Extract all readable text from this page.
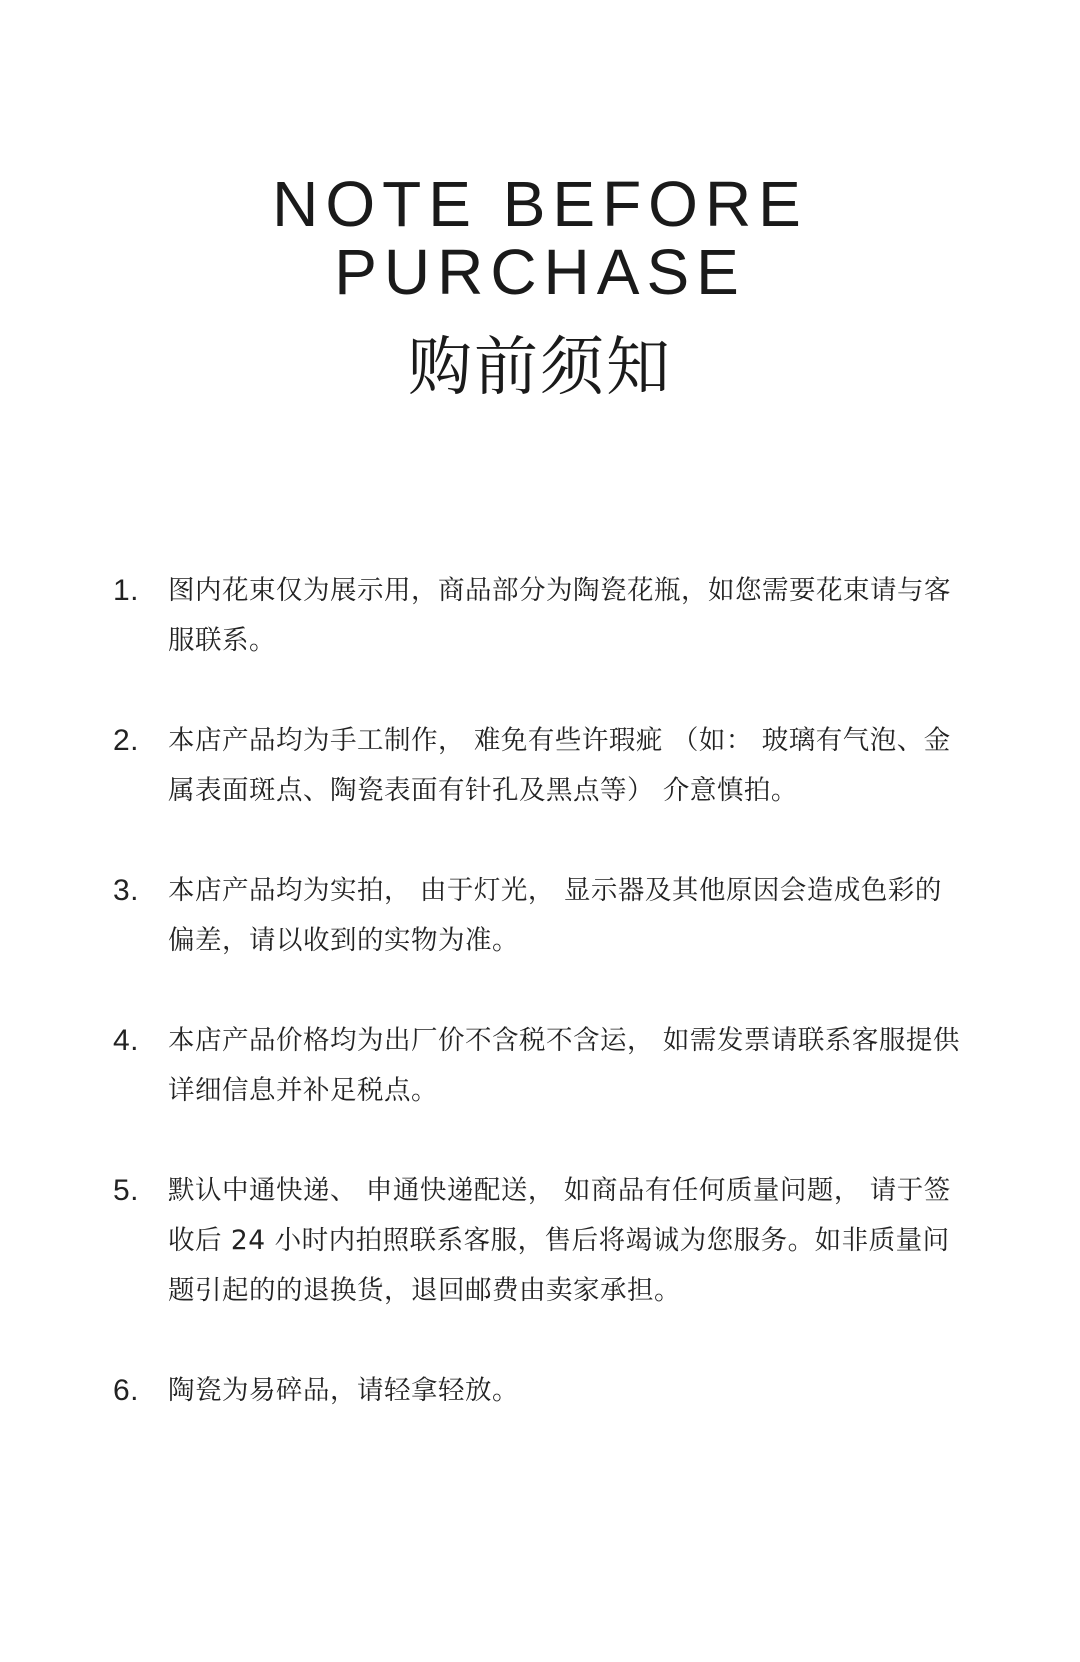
NOTE BEFORE
PURCHASE
购前须知
1. 图内花束仅为展示用，商品部分为陶瓷花瓶，如您需要花束请与客服联系。
2. 本店产品均为手工制作， 难免有些许瑕疵 （如： 玻璃有气泡、金属表面斑点、陶瓷表面有针孔及黑点等） 介意慎拍。
3. 本店产品均为实拍， 由于灯光， 显示器及其他原因会造成色彩的偏差，请以收到的实物为准。
4. 本店产品价格均为出厂价不含税不含运， 如需发票请联系客服提供详细信息并补足税点。
5. 默认中通快递、 申通快递配送， 如商品有任何质量问题， 请于签收后 24 小时内拍照联系客服，售后将竭诚为您服务。如非质量问题引起的的退换货，退回邮费由卖家承担。
6. 陶瓷为易碎品，请轻拿轻放。
